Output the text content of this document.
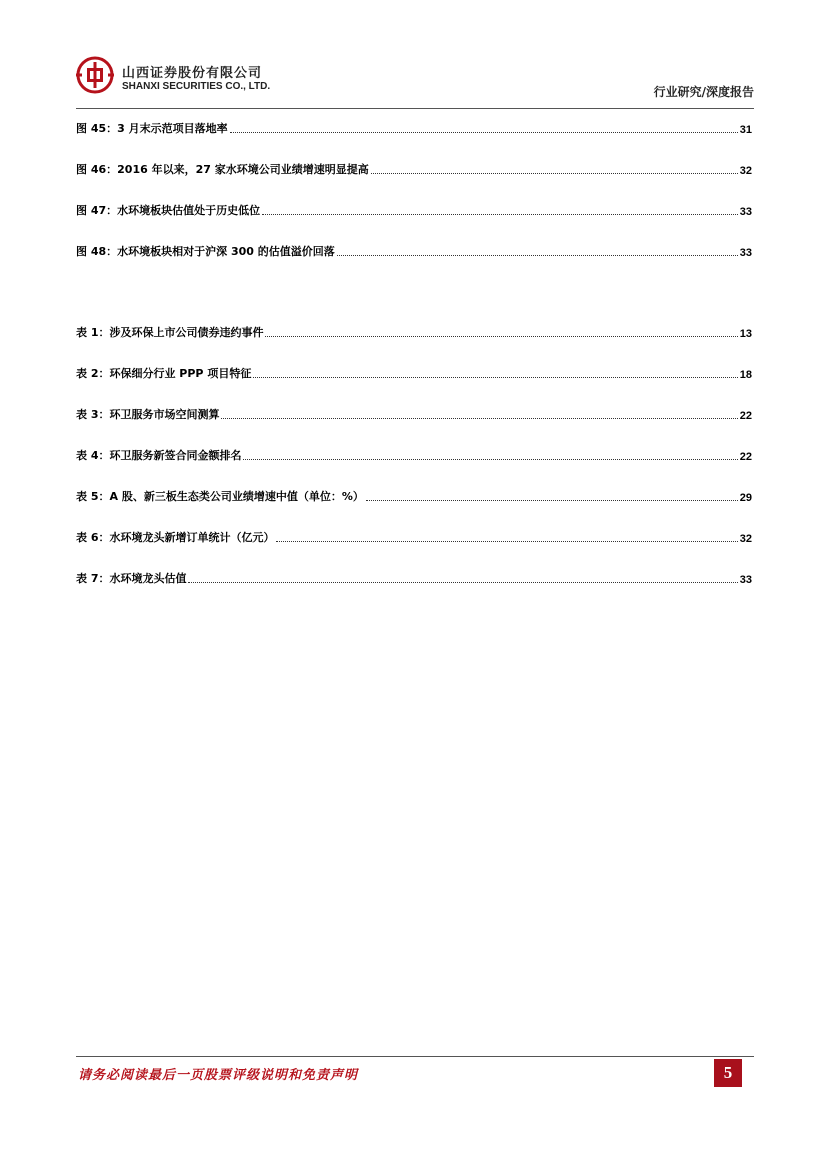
山西证券股份有限公司
SHANXI SECURITIES CO., LTD.	行业研究/深度报告
图 45：3 月末示范项目落地率	31
图 46：2016 年以来，27 家水环境公司业绩增速明显提高	32
图 47：水环境板块估值处于历史低位	33
图 48：水环境板块相对于沪深 300 的估值溢价回落	33
表 1：涉及环保上市公司债券违约事件	13
表 2：环保细分行业 PPP 项目特征	18
表 3：环卫服务市场空间测算	22
表 4：环卫服务新签合同金额排名	22
表 5：A 股、新三板生态类公司业绩增速中值（单位：%）	29
表 6：水环境龙头新增订单统计（亿元）	32
表 7：水环境龙头估值	33
请务必阅读最后一页股票评级说明和免责声明	5
